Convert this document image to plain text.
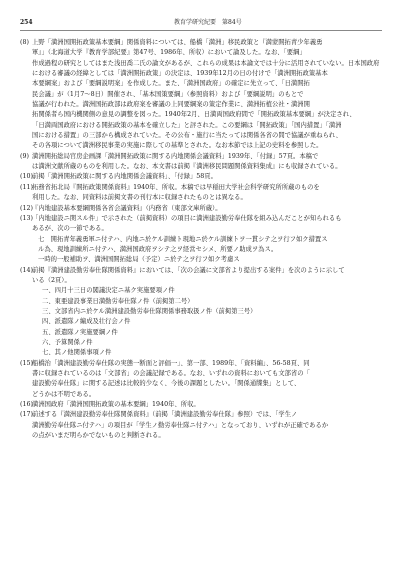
254	教育学研究紀要　第84号
(8) 上野「満洲国開拓政策基本要綱」関係資料については、船橋「満洲」移民政策と『満蒙開拓青少年義勇
軍』」（北海道大学『教育学部紀要』第47号、1986年、所収）において論及した。なお、「要綱」
作成過程の研究としてはまた浅田喬二氏の論文があるが、これらの成果は本論文では十分に活用されていない。日本国政府
における審議の経緯としては「満洲開拓政策」の決定は、1939年12月の日の付けで「満洲開拓政策基本
本要綱案」および「要綱説明案」を作成した。また、「満洲国政府」の確定に先立って、「日満開拓
民会議」が（1月7～8日）開催され、「基本国策要綱」（参照資料）および「要綱説明」のもとで
協議が行われた。満洲国拓政部は政府案を審議の上同要綱案の策定作業に、満洲拓植公社・満洲開
拓関係者ら国内機関側の意見の調整を図った。1940年2月、日満両国政府間で「開拓政策基本要綱」が決定され、
「日満両国政府における開拓政策の基本を確立した」と評された。この要綱は「開拓政策」「国内措置」「満洲
国における措置」の三部から構成されていた。その公布・施行に当たっては関係各省の間で協議が重ねられ、
その各項について満洲移民事業の実施に際しての基準とされた。なお本節では上記の史料を参照した。
(9) 満洲開拓総局官房企画課「満洲開拓政策に関する内地関係会議資料」1939年、「付録」57頁。本稿で
は満洲文献所蔵のものを利用した。なお、本文書は前掲『満洲移民問題関係資料集成』にも収録されている。
(10)
前掲「満洲開拓政策に関する内地関係会議資料」、「付録」58頁。
(11)
拓務省拓北局『開拓政策関係資料』1940年、所収。本稿では早稲田大学社会科学研究所所蔵のものを
利用した。なお、同資料は前掲文書の刊行本に収録されたものとは異なる。
(12)
『内地建設基本要綱関係各省会議資料』（内務省（東部文庫所蔵）。
(13)
「内地建設ニ関スル件」で示された（前掲資料）の項目に満洲建設勤労奉仕隊を組み込んだことが知られるも
あるが、次の一節である。
七　開拓青年義勇軍ニ付テハ、内地ニ於ケル訓練ト現地ニ於ケル訓練トヲ一貫シテ之ヲ行フ如ク措置ス
ル為、現地訓練所ニ付テハ、満洲国政府ヲシテ之ヲ経営セシメ、所要ノ助成ヲ為ス。
一時的一般補助ヲ、満洲国開拓総局（予定）ニ於テ之ヲ行フ如ク考慮ス
(14)
前掲『満洲建設勤労奉仕隊関係資料』においては、「次の会議に文部省より提出する案件」を次のように示して
いる（2頁）。
一、四月十三日の閣議決定ニ基ク実施要項ノ件
二、東亜建設事業日満勤労奉仕隊ノ件（前掲第二号）
三、文部省内ニ於ケル満洲建設勤労奉仕隊関係事務取扱ノ件（前掲第三号）
四、派遣隊ノ編成及壮行会ノ件
五、派遣隊ノ実施要綱ノ件
六、予算関係ノ件
七、其ノ他関係事項ノ件
(15)
船橋治「満洲建設勤労奉仕隊の実態一断面と評価一」、第一部、1989年、「資料編」、56-58頁、同
書に収録されているのは「文部省」の会議記録である。なお、いずれの資料においても文部省の「
建設勤労奉仕隊」に関する記述は比較的少なく、今後の課題としたい。「関係通牒集」として、
どうかは不明である。
(16)
満洲国政府「満洲国開拓政策の基本要綱」1940年、所収。
(17)
前述する『満洲建設勤労奉仕隊関係資料』（前掲「満洲建設勤労奉仕隊」参照）では、「学生ノ
満洲勤労奉仕隊ニ付テハ」の項目が「学生ノ勤労奉仕隊ニ付テハ」となっており、いずれが正確であるか
の点がいまだ明らかでないものと判断される。
